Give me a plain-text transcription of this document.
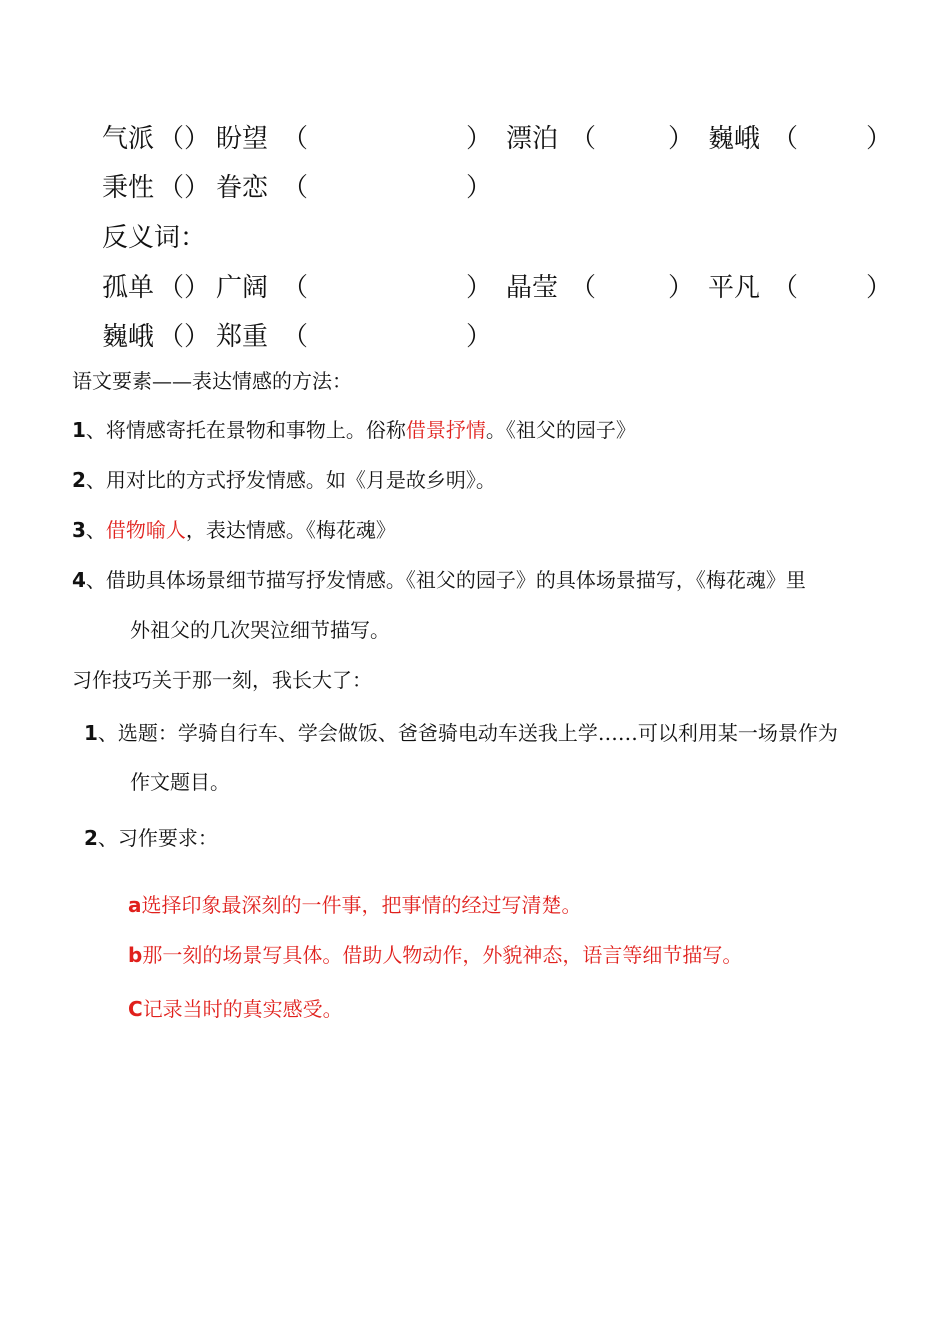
气派 （） 盼望 （	） 漂泊 （	） 巍峨 （	）
秉性 （） 眷恋 （	）
反义词：
孤单 （） 广阔 （	） 晶莹 （	） 平凡 （	）
巍峨 （） 郑重 （	）
语文要素——表达情感的方法：
1、将情感寄托在景物和事物上。俗称借景抒情。《祖父的园子》
2、用对比的方式抒发情感。如《月是故乡明》。
3、借物喻人，表达情感。《梅花魂》
4、借助具体场景细节描写抒发情感。《祖父的园子》的具体场景描写，《梅花魂》里
外祖父的几次哭泣细节描写。
习作技巧关于那一刻，我长大了：
1、选题：学骑自行车、学会做饭、爸爸骑电动车送我上学……可以利用某一场景作为
作文题目。
2、习作要求：
a选择印象最深刻的一件事，把事情的经过写清楚。
b那一刻的场景写具体。借助人物动作，外貌神态，语言等细节描写。
C记录当时的真实感受。
